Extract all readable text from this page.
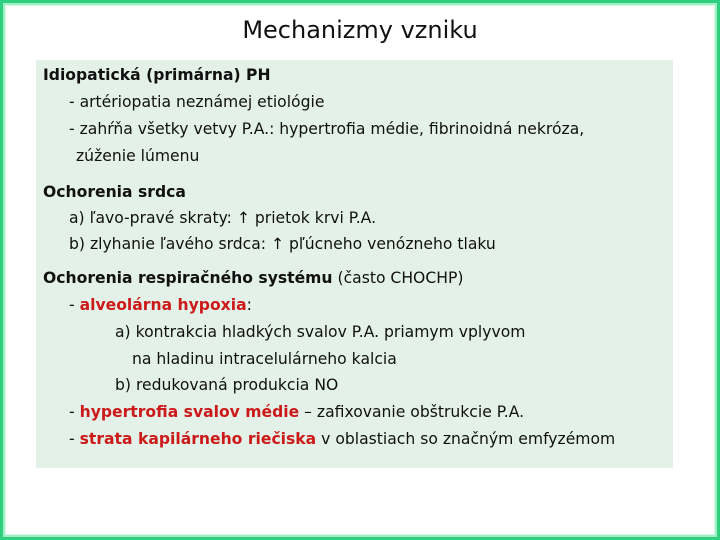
Mechanizmy vzniku
Idiopatická (primárna) PH
- artériopatia neznámej etiológie
- zahŕňa všetky vetvy P.A.: hypertrofia médie, fibrinoidná nekróza,
zúženie lúmenu
Ochorenia srdca
a) ľavo-pravé skraty: ↑ prietok krvi P.A.
b) zlyhanie ľavého srdca: ↑ pľúcneho venózneho tlaku
Ochorenia respiračného systému (často CHOCHP)
- alveolárna hypoxia:
a) kontrakcia hladkých svalov P.A. priamym vplyvom
na hladinu intracelulárneho kalcia
b) redukovaná produkcia NO
- hypertrofia svalov médie – zafixovanie obštrukcie P.A.
- strata kapilárneho riečiska v oblastiach so značným emfyzémom
